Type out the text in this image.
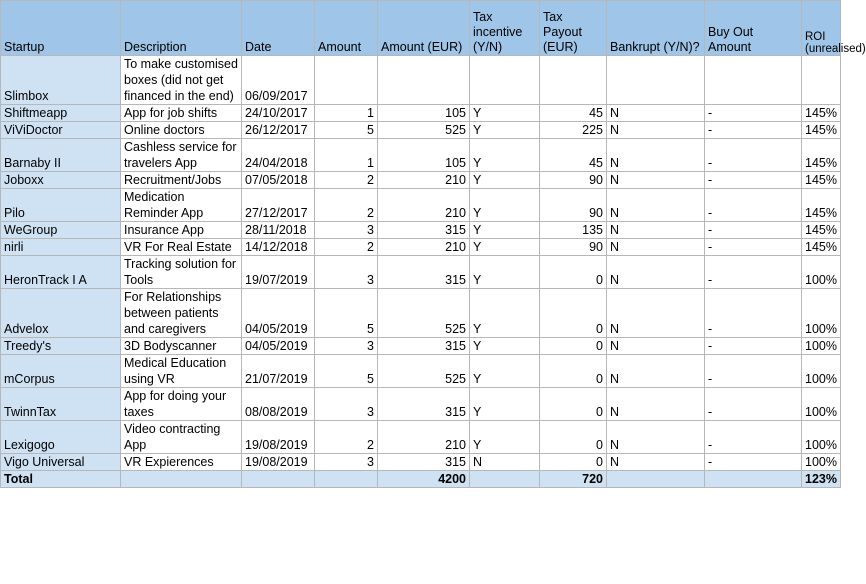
Startup	Description	Date	Amount	Amount (EUR)	Tax incentive (Y/N)	Tax Payout (EUR)	Bankrupt (Y/N)?	Buy Out Amount	ROI (unrealised)
Slimbox	To make customised boxes (did not get financed in the end)	06/09/2017							
Shiftmeapp	App for job shifts	24/10/2017	1	105	Y	45	N	-	145%
ViViDoctor	Online doctors	26/12/2017	5	525	Y	225	N	-	145%
Barnaby II	Cashless service for travelers App	24/04/2018	1	105	Y	45	N	-	145%
Joboxx	Recruitment/Jobs	07/05/2018	2	210	Y	90	N	-	145%
Pilo	Medication Reminder App	27/12/2017	2	210	Y	90	N	-	145%
WeGroup	Insurance App	28/11/2018	3	315	Y	135	N	-	145%
nirli	VR For Real Estate	14/12/2018	2	210	Y	90	N	-	145%
HeronTrack I A	Tracking solution for Tools	19/07/2019	3	315	Y	0	N	-	100%
Advelox	For Relationships between patients and caregivers	04/05/2019	5	525	Y	0	N	-	100%
Treedy's	3D Bodyscanner	04/05/2019	3	315	Y	0	N	-	100%
mCorpus	Medical Education using VR	21/07/2019	5	525	Y	0	N	-	100%
TwinnTax	App for doing your taxes	08/08/2019	3	315	Y	0	N	-	100%
Lexigogo	Video contracting App	19/08/2019	2	210	Y	0	N	-	100%
Vigo Universal	VR Expierences	19/08/2019	3	315	N	0	N	-	100%
Total				4200		720			123%
